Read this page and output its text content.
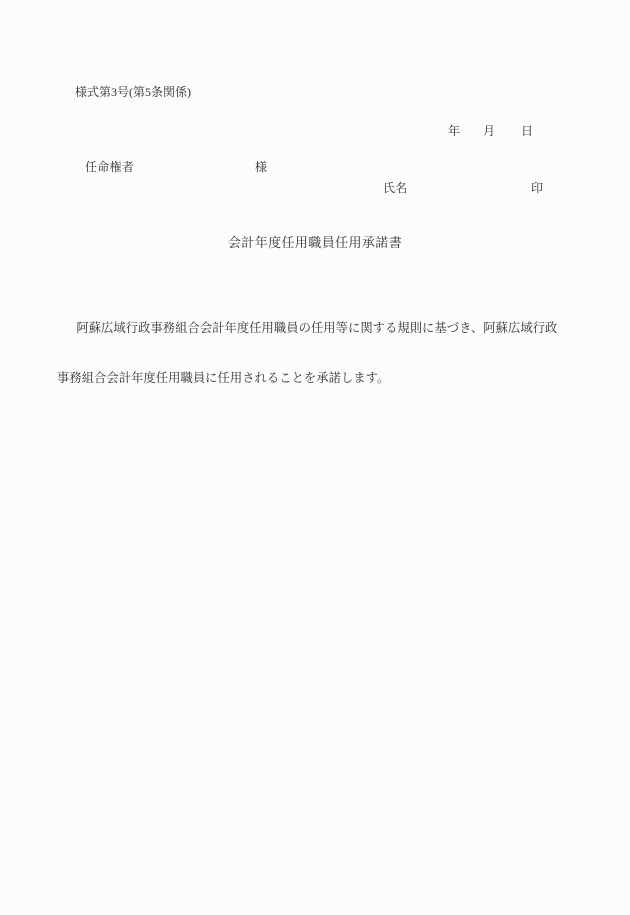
様式第3号(第5条関係)
年 月 日
任命権者	様
氏名	印
会計年度任用職員任用承諾書

　阿蘇広域行政事務組合会計年度任用職員の任用等に関する規則に基づき、阿蘇広域行政

事務組合会計年度任用職員に任用されることを承諾します。
